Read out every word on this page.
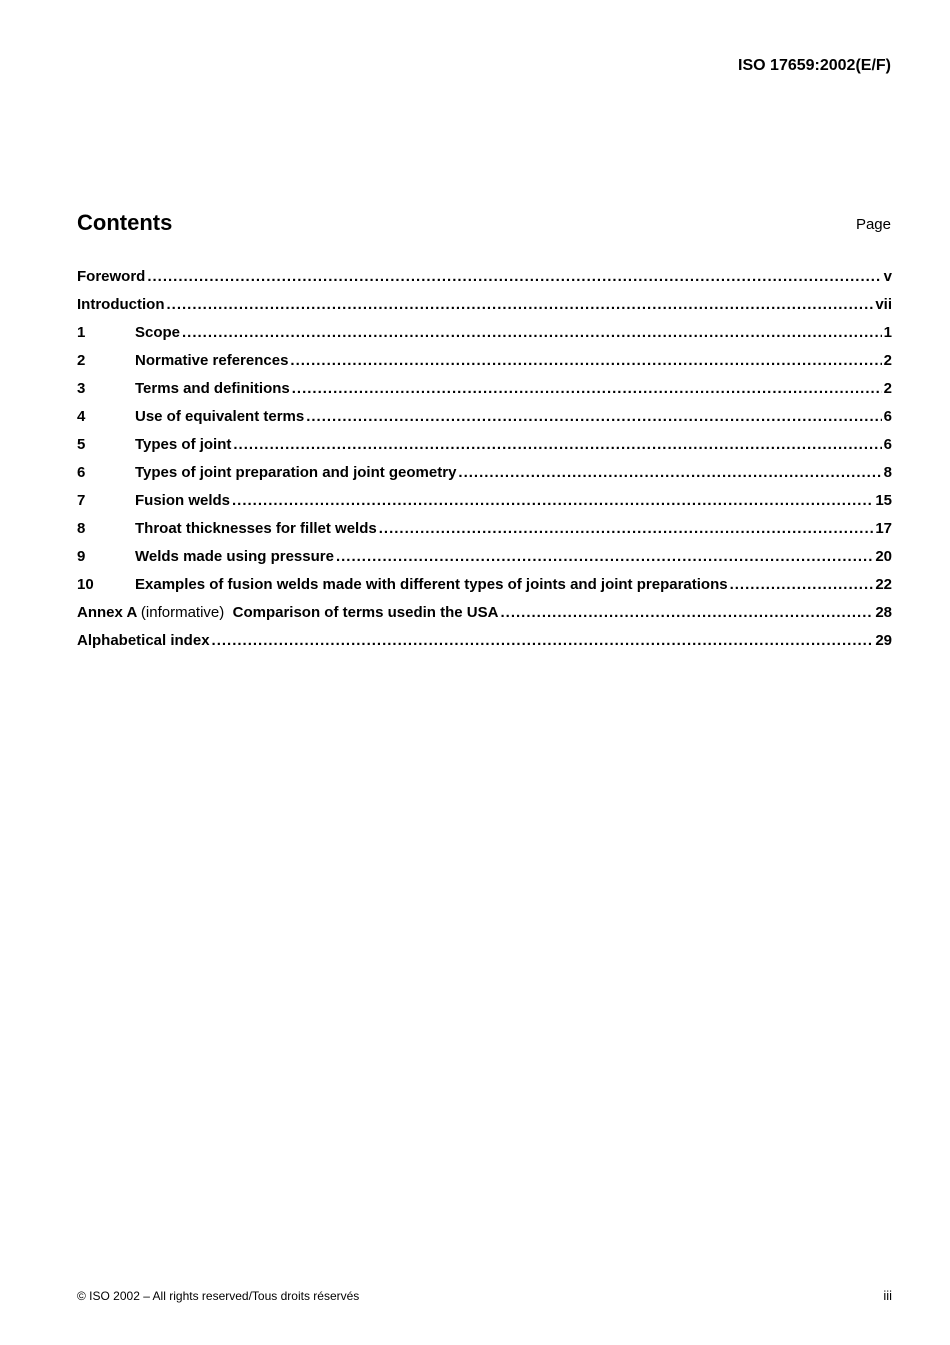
ISO 17659:2002(E/F)
Contents	Page
Foreword .....	v
Introduction .....	vii
1	Scope .....	1
2	Normative references .....	2
3	Terms and definitions .....	2
4	Use of equivalent terms .....	6
5	Types of joint .....	6
6	Types of joint preparation and joint geometry .....	8
7	Fusion welds .....	15
8	Throat thicknesses for fillet welds .....	17
9	Welds made using pressure .....	20
10	Examples of fusion welds made with different types of joints and joint preparations .....	22
Annex A (informative) Comparison of terms usedin the USA .....	28
Alphabetical index .....	29
© ISO 2002 – All rights reserved/Tous droits réservés	iii
